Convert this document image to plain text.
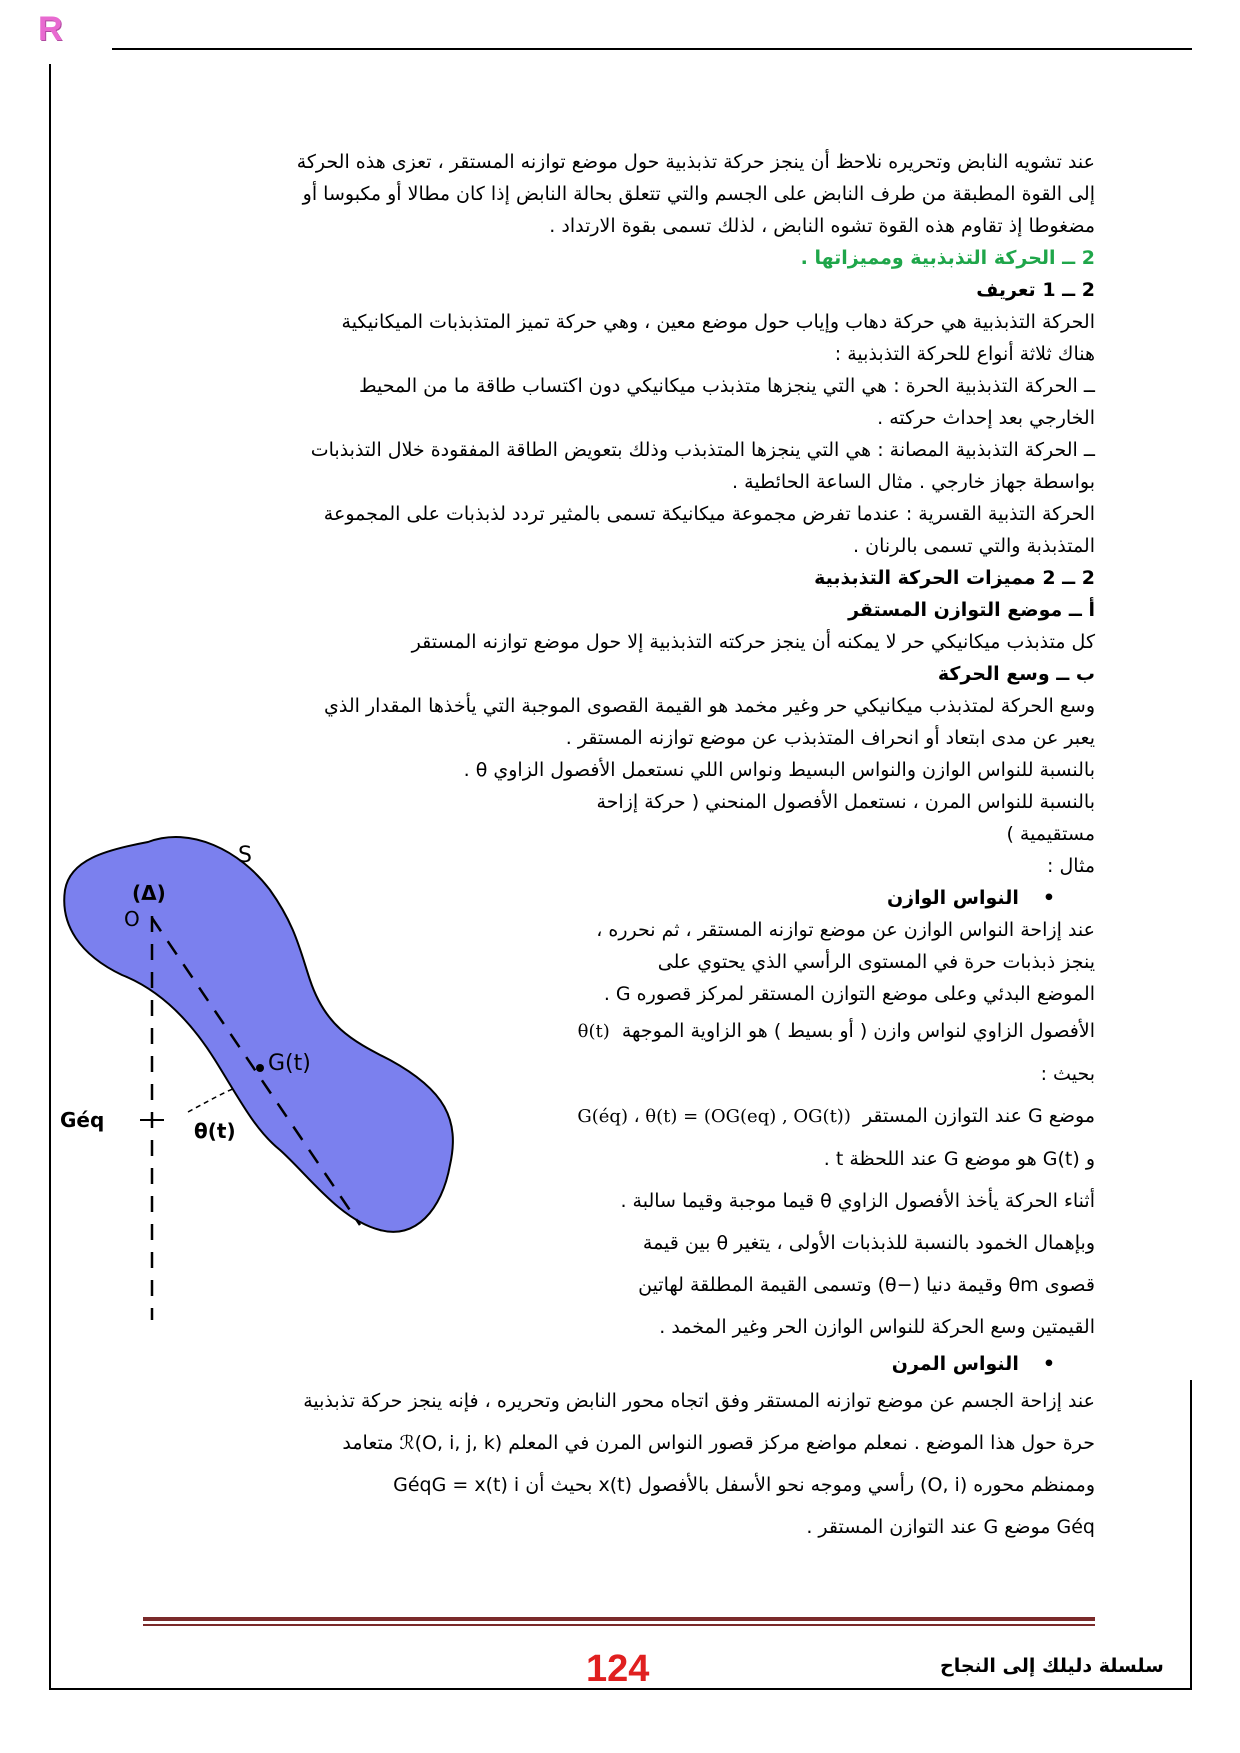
R

عند تشويه النابض وتحريره نلاحظ أن ينجز حركة تذبذبية حول موضع توازنه المستقر ، تعزى هذه الحركة

إلى القوة المطبقة من طرف النابض على الجسم والتي تتعلق بحالة النابض إذا كان مطالا أو مكبوسا أو

مضغوطا إذ تقاوم هذه القوة تشوه النابض ، لذلك تسمى بقوة الارتداد .

2 ــ الحركة التذبذبية ومميزاتها .

2 ــ 1 تعريف

الحركة التذبذبية هي حركة دهاب وإياب حول موضع معين ، وهي حركة تميز المتذبذبات الميكانيكية

هناك ثلاثة أنواع للحركة التذبذبية :

ــ الحركة التذبذبية الحرة : هي التي ينجزها متذبذب ميكانيكي دون اكتساب طاقة ما من المحيط

الخارجي بعد إحداث حركته .

ــ الحركة التذبذبية المصانة : هي التي ينجزها المتذبذب وذلك بتعويض الطاقة المفقودة خلال التذبذبات

بواسطة جهاز خارجي . مثال الساعة الحائطية .

الحركة التذبية القسرية : عندما تفرض مجموعة ميكانيكة تسمى بالمثير تردد لذبذبات على المجموعة

المتذبذبة والتي تسمى بالرنان .

2 ــ 2 مميزات الحركة التذبذبية

أ ــ موضع التوازن المستقر

كل متذبذب ميكانيكي حر لا يمكنه أن ينجز حركته التذبذبية إلا حول موضع توازنه المستقر

ب ــ وسع الحركة

وسع الحركة لمتذبذب ميكانيكي حر وغير مخمد هو القيمة القصوى الموجبة التي يأخذها المقدار الذي

يعبر عن مدى ابتعاد أو انحراف المتذبذب عن موضع توازنه المستقر .

بالنسبة للنواس الوازن والنواس البسيط ونواس اللي نستعمل الأفصول الزاوي θ .

بالنسبة للنواس المرن ، نستعمل الأفصول المنحني ( حركة إزاحة

مستقيمية )

مثال :

• النواس الوازن

عند إزاحة النواس الوازن عن موضع توازنه المستقر ، ثم نحرره ،

ينجز ذبذبات حرة في المستوى الرأسي الذي يحتوي على

الموضع البدئي وعلى موضع التوازن المستقر لمركز قصوره G .

الأفصول الزاوي لنواس وازن ( أو بسيط ) هو الزاوية الموجهة  θ(t)

بحيث :

موضع G عند التوازن المستقر  G(éq) ، θ(t) = (OG(eq) , OG(t))

و G(t) هو موضع G عند اللحظة t .

أثناء الحركة يأخذ الأفصول الزاوي θ قيما موجبة وقيما سالبة .

وبإهمال الخمود بالنسبة للذبذبات الأولى ، يتغير θ بين قيمة

قصوى θm وقيمة دنيا (−θ) وتسمى القيمة المطلقة لهاتين

القيمتين وسع الحركة للنواس الوازن الحر وغير المخمد .

• النواس المرن

عند إزاحة الجسم عن موضع توازنه المستقر وفق اتجاه محور النابض وتحريره ، فإنه ينجز حركة تذبذبية

حرة حول هذا الموضع . نمعلم مواضع مركز قصور النواس المرن في المعلم ℛ(O, i, j, k) متعامد

وممنظم محوره (O, i) رأسي وموجه نحو الأسفل بالأفصول x(t) بحيث أن GéqG = x(t) i

Géq موضع G عند التوازن المستقر .

S
(Δ)
O
G(t)
Géq	θ(t)
124	سلسلة دليلك إلى النجاح
